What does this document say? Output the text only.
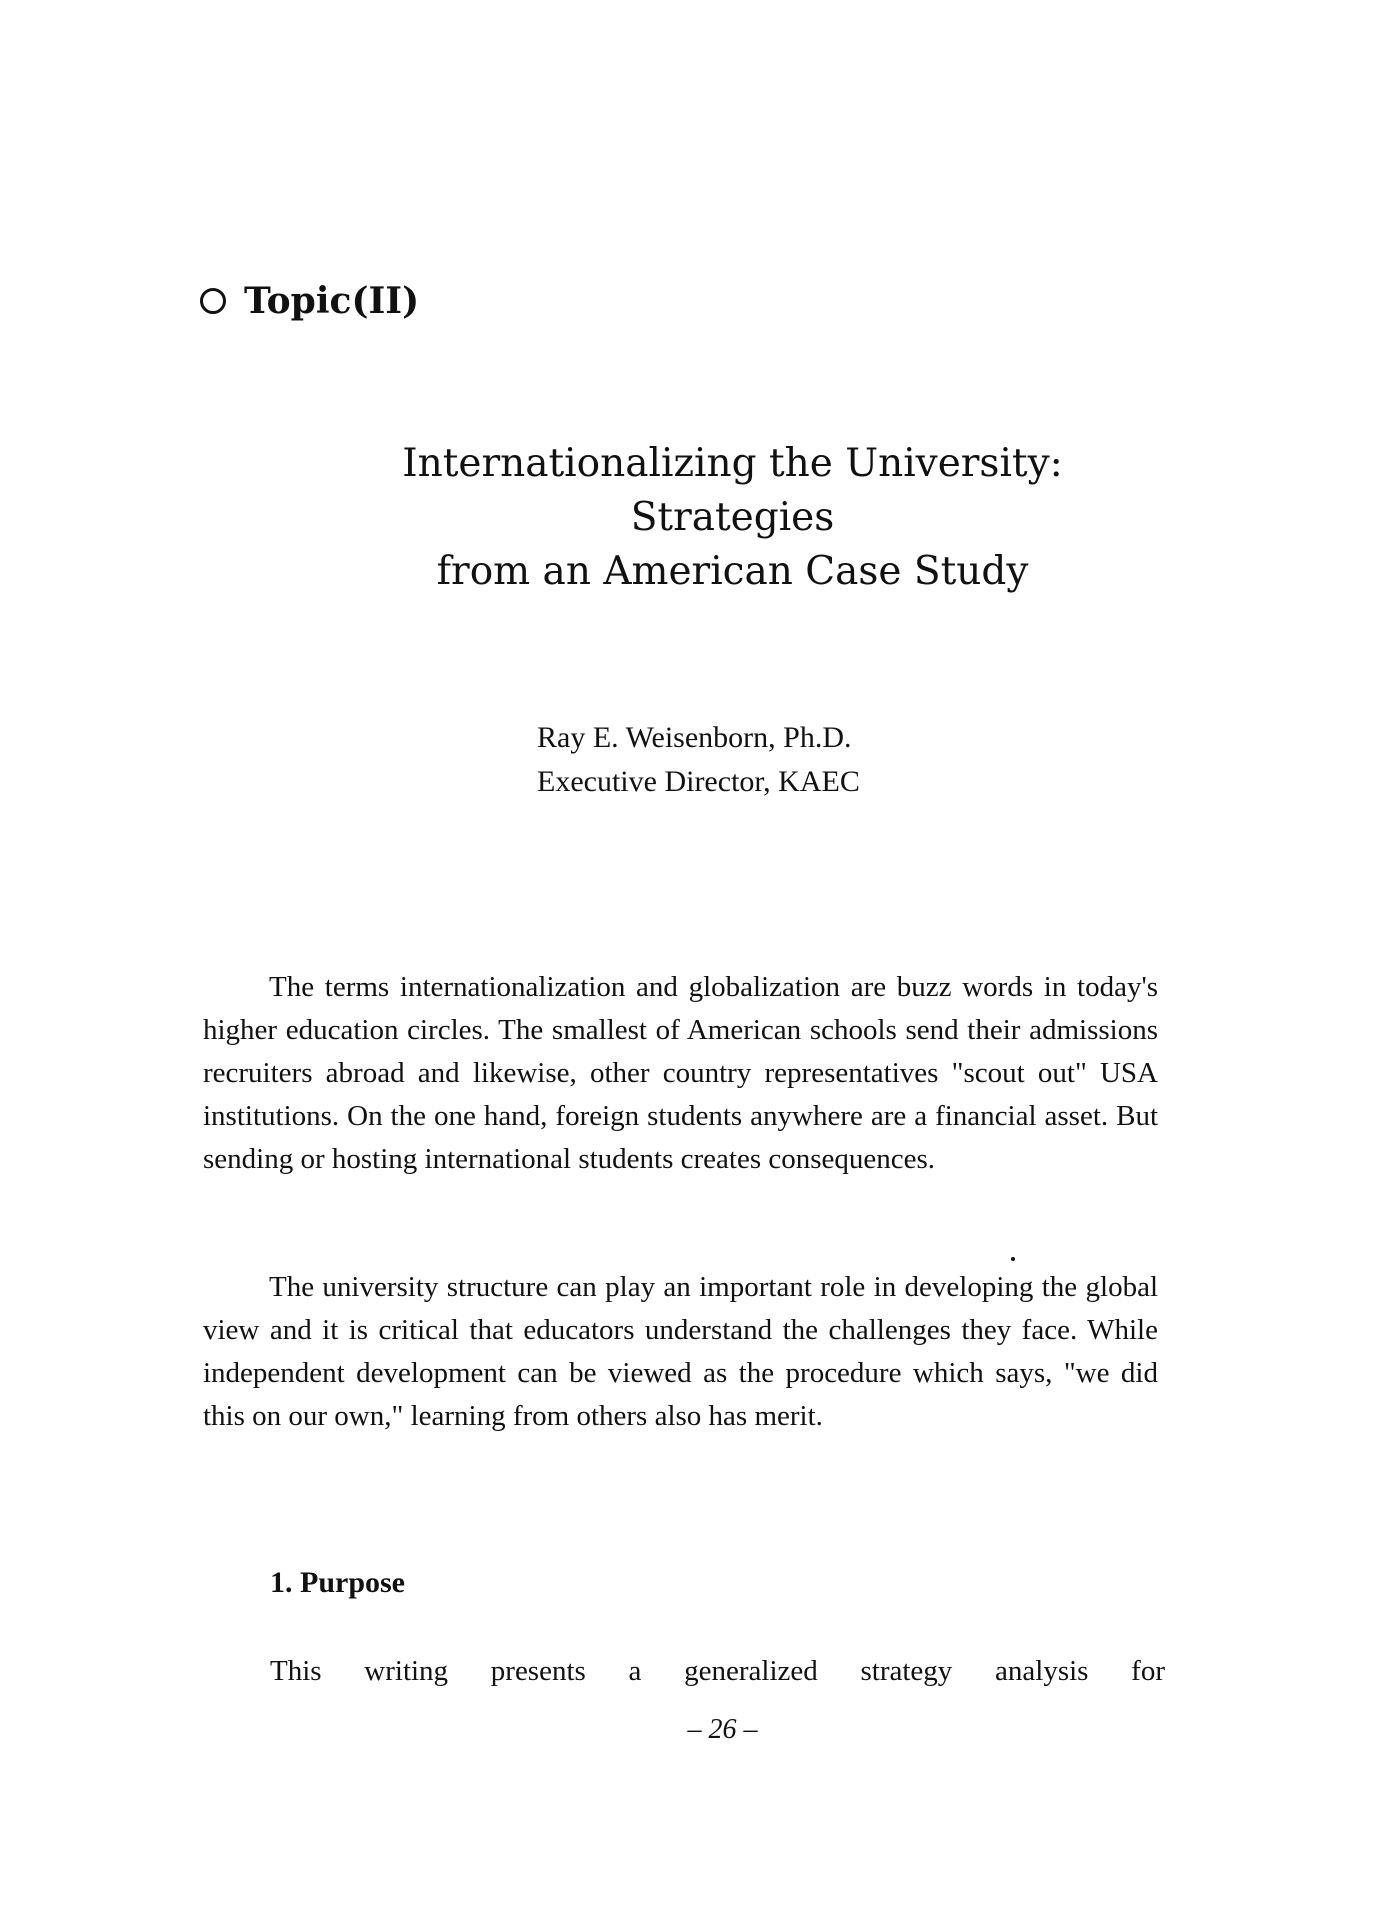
Topic(II)
Internationalizing the University:
Strategies
from an American Case Study
Ray E. Weisenborn, Ph.D.
Executive Director, KAEC
The terms internationalization and globalization are buzz words in today's higher education circles. The smallest of American schools send their admissions recruiters abroad and likewise, other country representatives "scout out" USA institutions. On the one hand, foreign students anywhere are a financial asset. But sending or hosting international students creates consequences.
The university structure can play an important role in developing the global view and it is critical that educators understand the challenges they face. While independent development can be viewed as the procedure which says, "we did this on our own," learning from others also has merit.
1. Purpose
This writing presents a generalized strategy analysis for
– 26 –
